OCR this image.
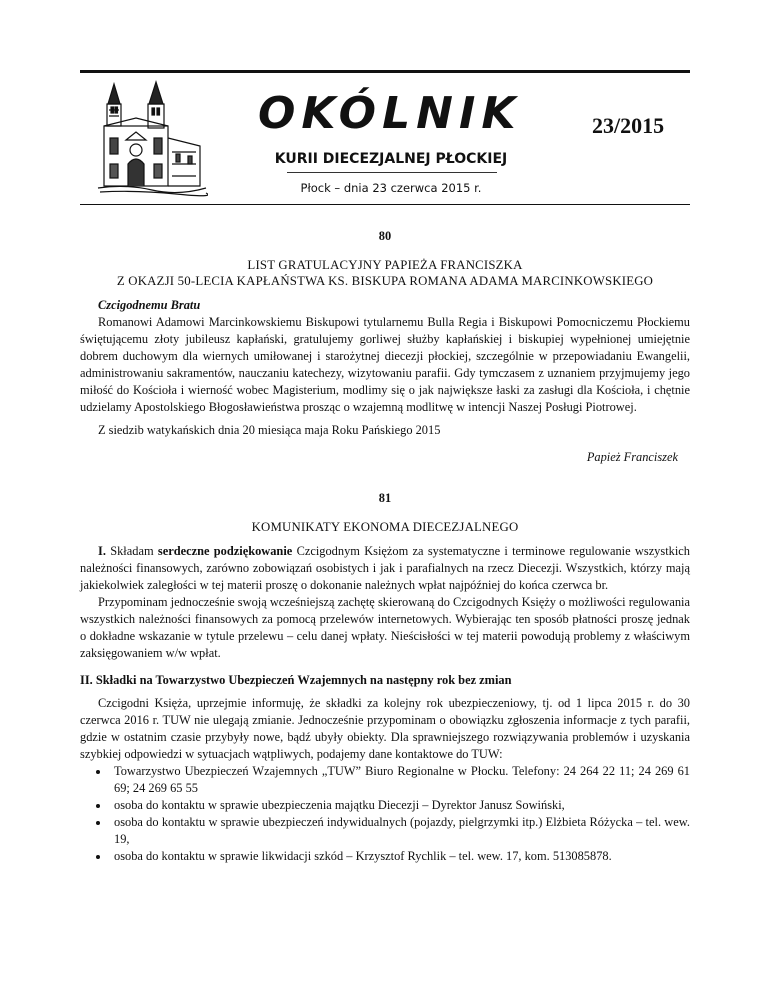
OKÓLNIK	23/2015
KURII DIECEZJALNEJ PŁOCKIEJ
Płock – dnia 23 czerwca 2015 r.
80
LIST GRATULACYJNY PAPIEŻA FRANCISZKA
Z OKAZJI 50-LECIA KAPŁAŃSTWA KS. BISKUPA ROMANA ADAMA MARCINKOWSKIEGO

Czcigodnemu Bratu

Romanowi Adamowi Marcinkowskiemu Biskupowi tytularnemu Bulla Regia i Biskupowi Pomocniczemu Płockiemu świętującemu złoty jubileusz kapłański, gratulujemy gorliwej służby kapłańskiej i biskupiej wypełnionej umiejętnie dobrem duchowym dla wiernych umiłowanej i starożytnej diecezji płockiej, szczególnie w przepowiadaniu Ewangelii, administrowaniu sakramentów, nauczaniu katechezy, wizytowaniu parafii. Gdy tymczasem z uznaniem przyjmujemy jego miłość do Kościoła i wierność wobec Magisterium, modlimy się o jak największe łaski za zasługi dla Kościoła, i chętnie udzielamy Apostolskiego Błogosławieństwa prosząc o wzajemną modlitwę w intencji Naszej Posługi Piotrowej.

Z siedzib watykańskich dnia 20 miesiąca maja Roku Pańskiego 2015

Papież Franciszek

81
KOMUNIKATY EKONOMA DIECEZJALNEGO

I. Składam serdeczne podziękowanie Czcigodnym Księżom za systematyczne i terminowe regulowanie wszystkich należności finansowych, zarówno zobowiązań osobistych i jak i parafialnych na rzecz Diecezji. Wszystkich, którzy mają jakiekolwiek zaległości w tej materii proszę o dokonanie należnych wpłat najpóźniej do końca czerwca br.

Przypominam jednocześnie swoją wcześniejszą zachętę skierowaną do Czcigodnych Księży o możliwości regulowania wszystkich należności finansowych za pomocą przelewów internetowych. Wybierając ten sposób płatności proszę jednak o dokładne wskazanie w tytule przelewu – celu danej wpłaty. Nieścisłości w tej materii powodują problemy z właściwym zaksięgowaniem w/w wpłat.

II. Składki na Towarzystwo Ubezpieczeń Wzajemnych na następny rok bez zmian

Czcigodni Księża, uprzejmie informuję, że składki za kolejny rok ubezpieczeniowy, tj. od 1 lipca 2015 r. do 30 czerwca 2016 r. TUW nie ulegają zmianie. Jednocześnie przypominam o obowiązku zgłoszenia informacje z tych parafii, gdzie w ostatnim czasie przybyły nowe, bądź ubyły obiekty. Dla sprawniejszego rozwiązywania problemów i uzyskania szybkiej odpowiedzi w sytuacjach wątpliwych, podajemy dane kontaktowe do TUW:

• Towarzystwo Ubezpieczeń Wzajemnych „TUW” Biuro Regionalne w Płocku. Telefony: 24 264 22 11; 24 269 61 69; 24 269 65 55
• osoba do kontaktu w sprawie ubezpieczenia majątku Diecezji – Dyrektor Janusz Sowiński,
• osoba do kontaktu w sprawie ubezpieczeń indywidualnych (pojazdy, pielgrzymki itp.) Elżbieta Różycka – tel. wew. 19,
• osoba do kontaktu w sprawie likwidacji szkód – Krzysztof Rychlik – tel. wew. 17, kom. 513085878.
